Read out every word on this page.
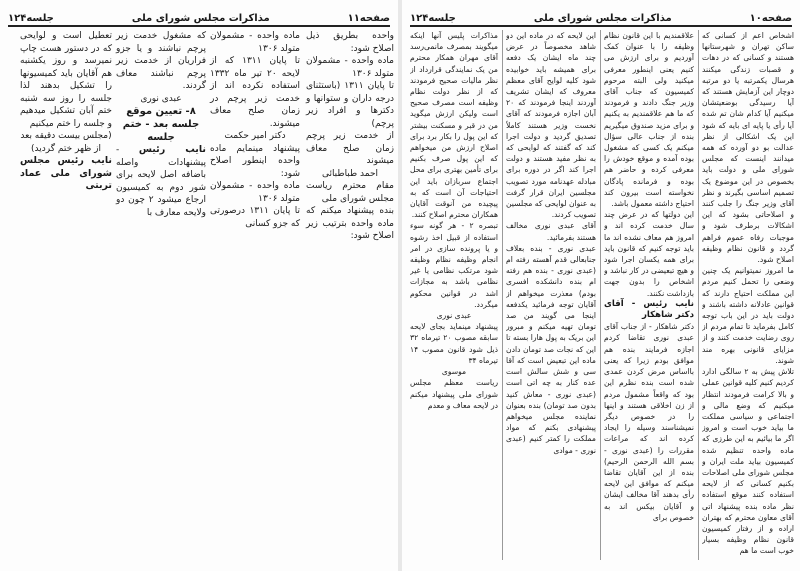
صفحه۱۱
مذاکرات مجلس شورای ملی
جلسه۱۲۴

واحده بطریق ذیل اصلاح شود:

ماده واحده - مشمولان متولد ۱۳۰۶

تا پایان ۱۳۱۱ (باستثنای درجه داران و ستوانها و دکترها و افراد زیر پرچم)

از خدمت زیر پرچم زمان صلح معاف میشوند

احمد طباطبائی

مقام محترم ریاست مجلس شورای ملی

بنده پیشنهاد میکنم که ماده واحده بترتیب زیر اصلاح شود:

ماده واحده - مشمولان متولد ۱۳۰۶

تا پایان ۱۳۱۱ که از لایحه ۲۰ تیر ماه ۱۳۳۲ استفاده نکرده اند از خدمت زیر پرچم در زمان صلح معاف میشوند.

دکتر امیر حکمت

پیشنهاد مینمایم ماده واحده اینطور اصلاح شود:

ماده واحده - مشمولان متولد ۱۳۰۶

تا پایان ۱۳۱۱ درصورتی که جزو کسانی

که مشغول خدمت زیر پرچم نباشند و یا جزو فراریان از خدمت زیر پرچم نباشند معاف گردند.

عبدی نوری

۸- تعیین موقع جلسه بعد - ختم جلسه

نایب رئیس - پیشنهادات واصله باضافه اصل لایحه برای شور دوم به کمیسیون ارجاع میشود ۲ چون دو ولایحه معارف با

تعطیل است و لوایحی که در دستور هست چاپ نمیرسد و روز یکشنبه هم آقایان باید کمیسیونها را تشکیل بدهند لذا جلسه را روز سه شنبه ختم آبان تشکیل میدهیم و جلسه را ختم میکنیم

(مجلس بیست دقیقه بعد از ظهر ختم گردید)

نایب رئیس مجلس شورای ملی عماد تربتی

صفحه۱۰
مذاکرات مجلس شورای ملی
جلسه۱۲۴

اشخاص اعم از کسانی که ساکن تهران و شهرستانها هستند و کسانی که در دهات و قصبات زندگی میکنند هرسال یکمرتبه یا دو مرتبه دوچار این آزمایش هستند که آیا رسیدگی بوضعیتشان میکنیم آیا کدام شان تم شده آیا رأی یا پایه ای بایه که شود این یک اشکالی از نظر عدالت بو دو آورده که همه میدانند اینست که مجلس شورای ملی و دولت باید بخصوص در این موضوع یک تصمیم اساسی بگیرند و نظر آقای وزیر جنگ را جلب کنند و اصلاحاتی بشود که این اشکالات برطرف شود و موجبات رفاه عموم فراهم گردد و قانون نظام وظیفه اصلاح شود.

ما امروز نمیتوانیم یک چنین وضعی را تحمل کنیم مردم این مملکت احتیاج دارند که قوانین عادلانه داشته باشند و دولت باید در این باب توجه کامل بفرماید تا تمام مردم از روی رضایت خدمت کنند و از مزایای قانونی بهره مند شوند.

تلاش پیش به ۲ سالگی ادارد کردیم کنیم کلیه قوانین عملی و بالا کرامت فرمودند انتظار میکنیم که وضع مالی و اجتماعی و سیاسی مملکت ما بیاید خوب است و امروز اگر ما بیائیم به این طرزی که ماده واحده تنظیم شده کمیسیون بیاید ملت ایران و مجلس شورای ملی اصلاحات بکنیم کسانی که از لایحه استفاده کنند موقع استفاده نظر ماده بنده پیشنهاد اتی آقای معاون محترم که بهتران اراده و از رفتار کمیسیون قانون نظام وظیفه بسیار خوب است ما هم

علاقمندیم با این قانون نظام وظیفه را با عنوان کمک آوردیم و برای ارزش می کنیم یعنی اینطور معرفی میکنید ولی البته مرحوم کمیسیون که جناب آقای وزیر جنگ دادند و فرمودند که ما هم علاقمندیم به یکنیم و برای مزید صندوق میگیریم بنده از جناب عالی سؤال میکنم یک کسی که مشغول بوده آمده و موقع خودش را معرفی کرده و حاضر هم بوده و فرمانده پادگان نخواسته است بیرون کند احتیاج داشته معمول باشد.

این دولتها که در عرض چند سال خدمت کرده اند و امروز هم معاف نشده اند ما باید توجه کنیم که قانون باید برای همه یکسان اجرا شود و هیچ تبعیضی در کار نباشد و اشخاص را بدون جهت بازداشت نکنند.

نایب رئیس - آقای دکتر شاهکار

دکتر شاهکار - از جناب آقای عبدی نوری تقاضا کردم اجازه فرمایند بنده هم موافق بودم زیرا که یعنی بااساس مرض کردن عمدی شده است بنده نظرم این بود که واقعاً مشمول مردم از زن اخلاقی هستند و اینها را در خصوص دیگر نمیشناسند وسیله را ایجاد کرده اند که مراعات مقررات را (عبدی نوری - بسم الله الرحمن الرحیم) بنده از این آقایان تقاضا میکنم که موافق این لایحه رأی بدهند آقا مخالف ایشان و آقایان بیکس اند به خصوص برای

این لایحه که در ماده این دو شاهد مخصوصاً در عرض چند ماه ایشان یک دفعه برای همیشه باید خوابیده شود کلیه لوایح آقای معظم معروف که ایشان تشریف آوردند اینجا فرمودند که ۲۰ آبان اجازه فرمودند که آقای نخست وزیر هستند کاملاً تصدیق گردید و دولت اجرا کند که گفتند که لوایحی که به نظر مفید هستند و دولت اجرا کند اگر در دوره برای مبادله عهدنامه مورد تصویب مجلسین ایران قرار گرفت به عنوان لوایحی که مجلسین تصویب کردند.

آقای عبدی نوری مخالف هستند بفرمائید.

عبدی نوری - بنده بعلاف جنابعالی قدم آهسته رفته ام (عبدی نوری - بنده هم رفته ام بنده دانشکده افسری بودم) معذرت میخواهم از آقایان توجه فرمائید یکدفعه اینجا می گویند من صد تومان تهیه میکنم و مبرور این بریک به پول هارا بسته تا این که نجات صد تومان دادن ماده این تبعیض است که آقا سی و شش سالش است عده کنار به چه اتی است (عبدی نوری - معاش کنید بدون صد تومان) بنده بعنوان نماینده مجلس میخواهم پیشنهادی بکنم که مواد مملکت را کمتر کنیم (عبدی نوری - موادی

مذاکرات پلیس آنها اینکه میگویند بمصرف مانمی‌رسد آقای مهران همکار محترم من یک نمایندگی قرارداد از نظر مالیات صحیح فرمودند که از نظر دولت نظام وظیفه است مصرف صحیح است ولیکن ارزش میگوید من در قبر و مسکنت بیشتر که این پول را بکار برد برای اصلاح ارزش من میخواهم که این پول صرف بکنیم برای تأمین بهتری برای محل اجتماع سربازان باید این احتیاجات آن است که به پیچیده من آنوقت آقایان همکاران محترم اصلاح کنند.

تبصره ۲ - هر گونه سوء استفاده از قبیل اخذ رشوه و یا پرونده سازی در امر انجام وظیفه نظام وظیفه شود مرتکب نظامی یا غیر نظامی باشد به مجازات اشد در قوانین محکوم میگردد.

عبدی نوری

پیشنهاد مینماید بجای لایحه سابقه مصوب ۲۰ تیرماه ۳۲ ذیل شود قانون مصوب ۱۴ تیرماه ۳۴

موسوی

ریاست معظم مجلس شورای ملی پیشنهاد میکنم در لایحه معاف و معدم
